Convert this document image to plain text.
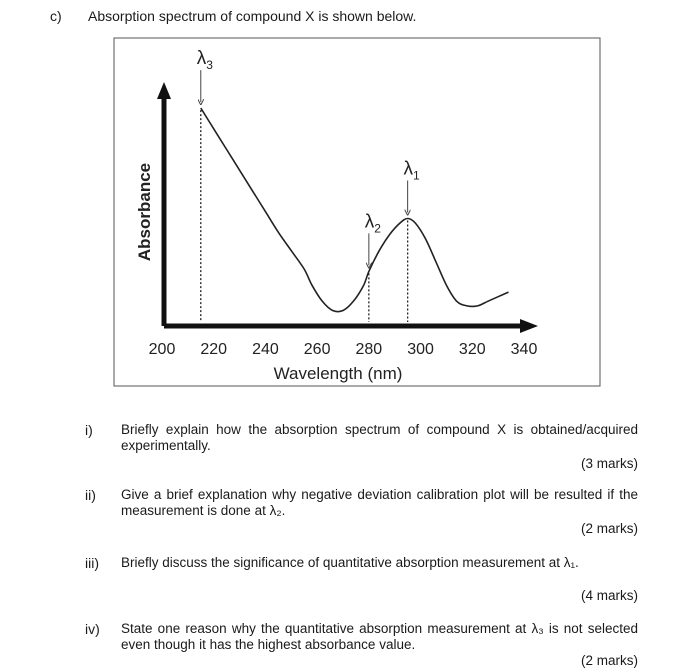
c) Absorption spectrum of compound X is shown below.
Absorbance
Wavelength (nm)
200 220 240 260 280 300 320 340
$\lambda_3$
$\lambda_2$
$\lambda_1$
i) Briefly explain how the absorption spectrum of compound X is obtained/acquired experimentally.
(3 marks)
ii) Give a brief explanation why negative deviation calibration plot will be resulted if the measurement is done at λ₂.
(2 marks)
iii) Briefly discuss the significance of quantitative absorption measurement at λ₁.
(4 marks)
iv) State one reason why the quantitative absorption measurement at λ₃ is not selected even though it has the highest absorbance value.
(2 marks)
